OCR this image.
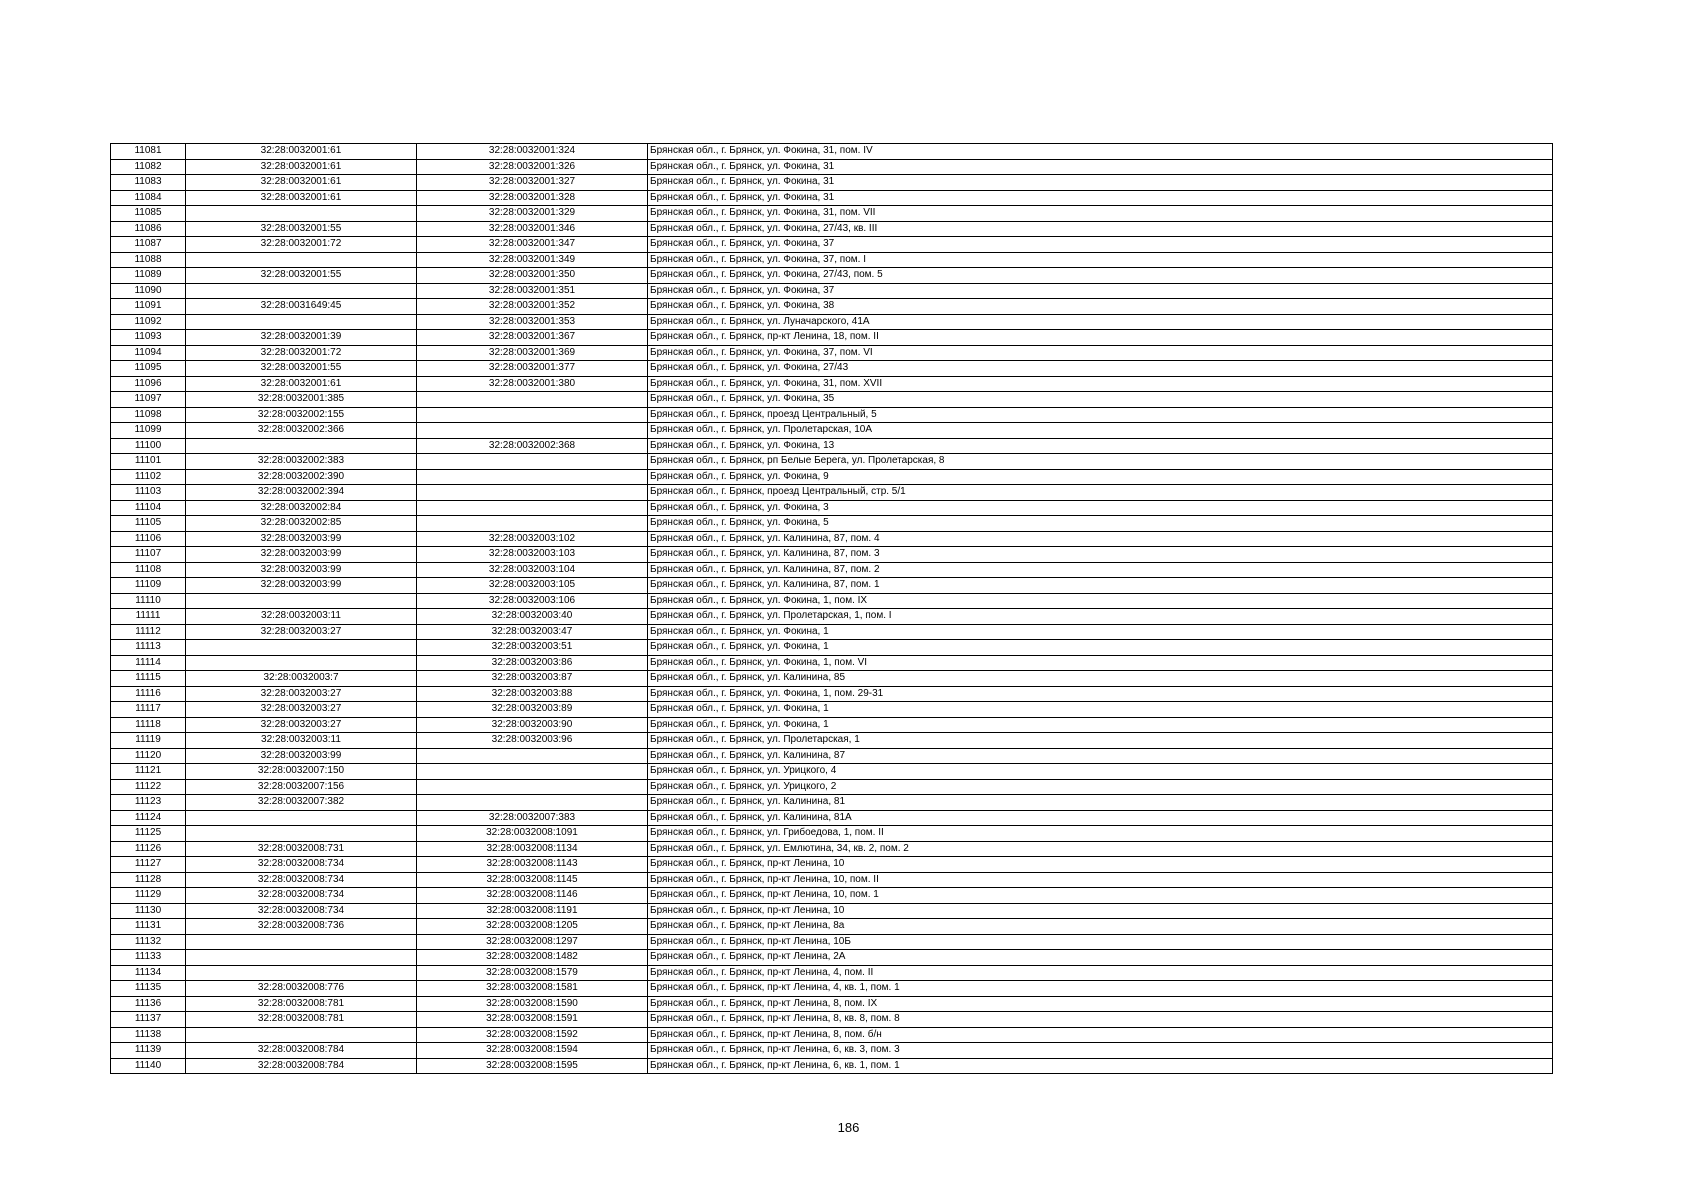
11081	32:28:0032001:61	32:28:0032001:324	Брянская обл., г. Брянск, ул. Фокина, 31, пом. IV
11082	32:28:0032001:61	32:28:0032001:326	Брянская обл., г. Брянск, ул. Фокина, 31
11083	32:28:0032001:61	32:28:0032001:327	Брянская обл., г. Брянск, ул. Фокина, 31
11084	32:28:0032001:61	32:28:0032001:328	Брянская обл., г. Брянск, ул. Фокина, 31
11085		32:28:0032001:329	Брянская обл., г. Брянск, ул. Фокина, 31, пом. VII
11086	32:28:0032001:55	32:28:0032001:346	Брянская обл., г. Брянск, ул. Фокина, 27/43, кв. III
11087	32:28:0032001:72	32:28:0032001:347	Брянская обл., г. Брянск, ул. Фокина, 37
11088		32:28:0032001:349	Брянская обл., г. Брянск, ул. Фокина, 37, пом. I
11089	32:28:0032001:55	32:28:0032001:350	Брянская обл., г. Брянск, ул. Фокина, 27/43, пом. 5
11090		32:28:0032001:351	Брянская обл., г. Брянск, ул. Фокина, 37
11091	32:28:0031649:45	32:28:0032001:352	Брянская обл., г. Брянск, ул. Фокина, 38
11092		32:28:0032001:353	Брянская обл., г. Брянск, ул. Луначарского, 41А
11093	32:28:0032001:39	32:28:0032001:367	Брянская обл., г. Брянск, пр-кт Ленина, 18, пом. II
11094	32:28:0032001:72	32:28:0032001:369	Брянская обл., г. Брянск, ул. Фокина, 37, пом. VI
11095	32:28:0032001:55	32:28:0032001:377	Брянская обл., г. Брянск, ул. Фокина, 27/43
11096	32:28:0032001:61	32:28:0032001:380	Брянская обл., г. Брянск, ул. Фокина, 31, пом. XVII
11097	32:28:0032001:385		Брянская обл., г. Брянск, ул. Фокина, 35
11098	32:28:0032002:155		Брянская обл., г. Брянск, проезд Центральный, 5
11099	32:28:0032002:366		Брянская обл., г. Брянск, ул. Пролетарская, 10А
11100		32:28:0032002:368	Брянская обл., г. Брянск, ул. Фокина, 13
11101	32:28:0032002:383		Брянская обл., г. Брянск, рп Белые Берега, ул. Пролетарская, 8
11102	32:28:0032002:390		Брянская обл., г. Брянск, ул. Фокина, 9
11103	32:28:0032002:394		Брянская обл., г. Брянск, проезд Центральный, стр. 5/1
11104	32:28:0032002:84		Брянская обл., г. Брянск, ул. Фокина, 3
11105	32:28:0032002:85		Брянская обл., г. Брянск, ул. Фокина, 5
11106	32:28:0032003:99	32:28:0032003:102	Брянская обл., г. Брянск, ул. Калинина, 87, пом. 4
11107	32:28:0032003:99	32:28:0032003:103	Брянская обл., г. Брянск, ул. Калинина, 87, пом. 3
11108	32:28:0032003:99	32:28:0032003:104	Брянская обл., г. Брянск, ул. Калинина, 87, пом. 2
11109	32:28:0032003:99	32:28:0032003:105	Брянская обл., г. Брянск, ул. Калинина, 87, пом. 1
11110		32:28:0032003:106	Брянская обл., г. Брянск, ул. Фокина, 1, пом. IX
11111	32:28:0032003:11	32:28:0032003:40	Брянская обл., г. Брянск, ул. Пролетарская, 1, пом. I
11112	32:28:0032003:27	32:28:0032003:47	Брянская обл., г. Брянск, ул. Фокина, 1
11113		32:28:0032003:51	Брянская обл., г. Брянск, ул. Фокина, 1
11114		32:28:0032003:86	Брянская обл., г. Брянск, ул. Фокина, 1, пом. VI
11115	32:28:0032003:7	32:28:0032003:87	Брянская обл., г. Брянск, ул. Калинина, 85
11116	32:28:0032003:27	32:28:0032003:88	Брянская обл., г. Брянск, ул. Фокина, 1, пом. 29-31
11117	32:28:0032003:27	32:28:0032003:89	Брянская обл., г. Брянск, ул. Фокина, 1
11118	32:28:0032003:27	32:28:0032003:90	Брянская обл., г. Брянск, ул. Фокина, 1
11119	32:28:0032003:11	32:28:0032003:96	Брянская обл., г. Брянск, ул. Пролетарская, 1
11120	32:28:0032003:99		Брянская обл., г. Брянск, ул. Калинина, 87
11121	32:28:0032007:150		Брянская обл., г. Брянск, ул. Урицкого, 4
11122	32:28:0032007:156		Брянская обл., г. Брянск, ул. Урицкого, 2
11123	32:28:0032007:382		Брянская обл., г. Брянск, ул. Калинина, 81
11124		32:28:0032007:383	Брянская обл., г. Брянск, ул. Калинина, 81А
11125		32:28:0032008:1091	Брянская обл., г. Брянск, ул. Грибоедова, 1, пом. II
11126	32:28:0032008:731	32:28:0032008:1134	Брянская обл., г. Брянск, ул. Емлютина, 34, кв. 2, пом. 2
11127	32:28:0032008:734	32:28:0032008:1143	Брянская обл., г. Брянск, пр-кт Ленина, 10
11128	32:28:0032008:734	32:28:0032008:1145	Брянская обл., г. Брянск, пр-кт Ленина, 10, пом. II
11129	32:28:0032008:734	32:28:0032008:1146	Брянская обл., г. Брянск, пр-кт Ленина, 10, пом. 1
11130	32:28:0032008:734	32:28:0032008:1191	Брянская обл., г. Брянск, пр-кт Ленина, 10
11131	32:28:0032008:736	32:28:0032008:1205	Брянская обл., г. Брянск, пр-кт Ленина, 8а
11132		32:28:0032008:1297	Брянская обл., г. Брянск, пр-кт Ленина, 10Б
11133		32:28:0032008:1482	Брянская обл., г. Брянск, пр-кт Ленина, 2А
11134		32:28:0032008:1579	Брянская обл., г. Брянск, пр-кт Ленина, 4, пом. II
11135	32:28:0032008:776	32:28:0032008:1581	Брянская обл., г. Брянск, пр-кт Ленина, 4, кв. 1, пом. 1
11136	32:28:0032008:781	32:28:0032008:1590	Брянская обл., г. Брянск, пр-кт Ленина, 8, пом. IX
11137	32:28:0032008:781	32:28:0032008:1591	Брянская обл., г. Брянск, пр-кт Ленина, 8, кв. 8, пом. 8
11138		32:28:0032008:1592	Брянская обл., г. Брянск, пр-кт Ленина, 8, пом. б/н
11139	32:28:0032008:784	32:28:0032008:1594	Брянская обл., г. Брянск, пр-кт Ленина, 6, кв. 3, пом. 3
11140	32:28:0032008:784	32:28:0032008:1595	Брянская обл., г. Брянск, пр-кт Ленина, 6, кв. 1, пом. 1
186
